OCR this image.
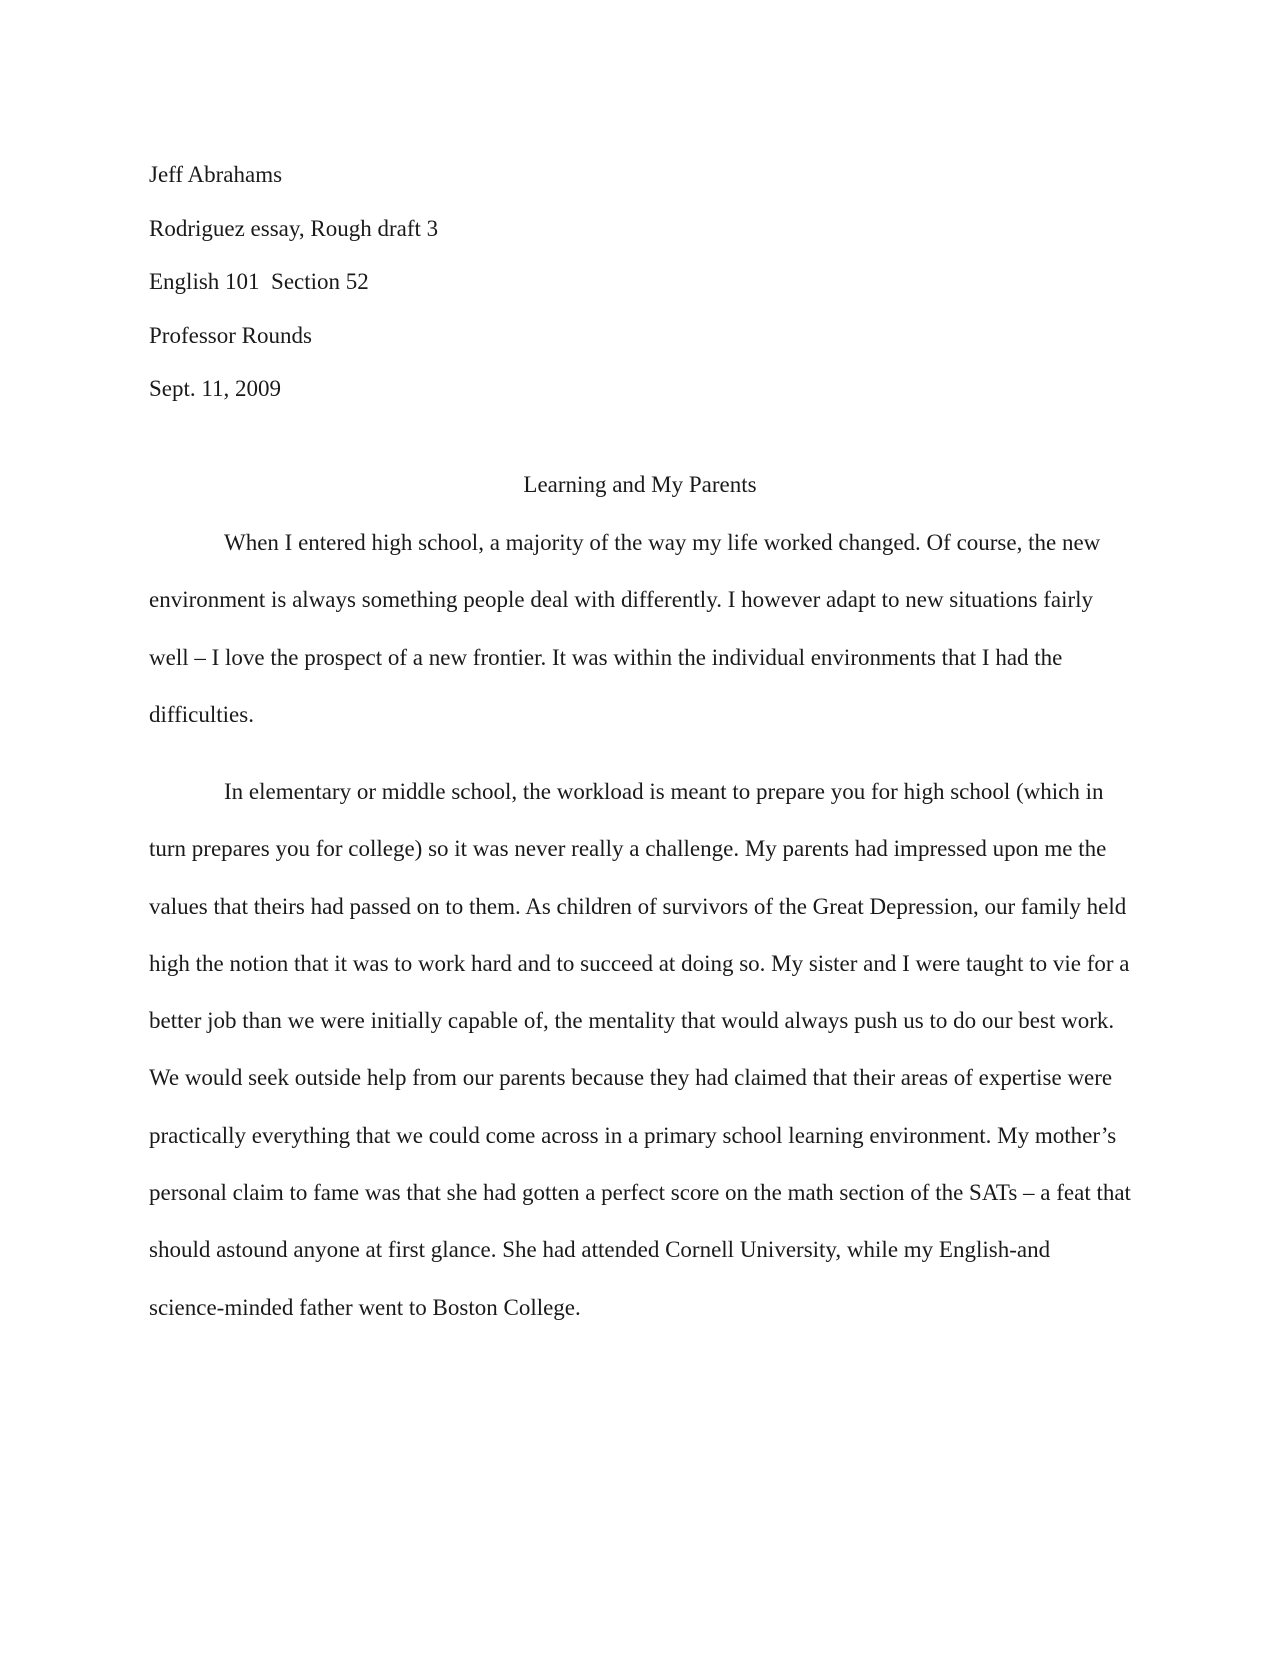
Jeff Abrahams
Rodriguez essay, Rough draft 3
English 101  Section 52
Professor Rounds
Sept. 11, 2009
Learning and My Parents

When I entered high school, a majority of the way my life worked changed. Of course, the new environment is always something people deal with differently. I however adapt to new situations fairly well – I love the prospect of a new frontier. It was within the individual environments that I had the difficulties.

In elementary or middle school, the workload is meant to prepare you for high school (which in turn prepares you for college) so it was never really a challenge. My parents had impressed upon me the values that theirs had passed on to them. As children of survivors of the Great Depression, our family held high the notion that it was to work hard and to succeed at doing so. My sister and I were taught to vie for a better job than we were initially capable of, the mentality that would always push us to do our best work. We would seek outside help from our parents because they had claimed that their areas of expertise were practically everything that we could come across in a primary school learning environment. My mother’s personal claim to fame was that she had gotten a perfect score on the math section of the SATs – a feat that should astound anyone at first glance. She had attended Cornell University, while my English-and science-minded father went to Boston College.
